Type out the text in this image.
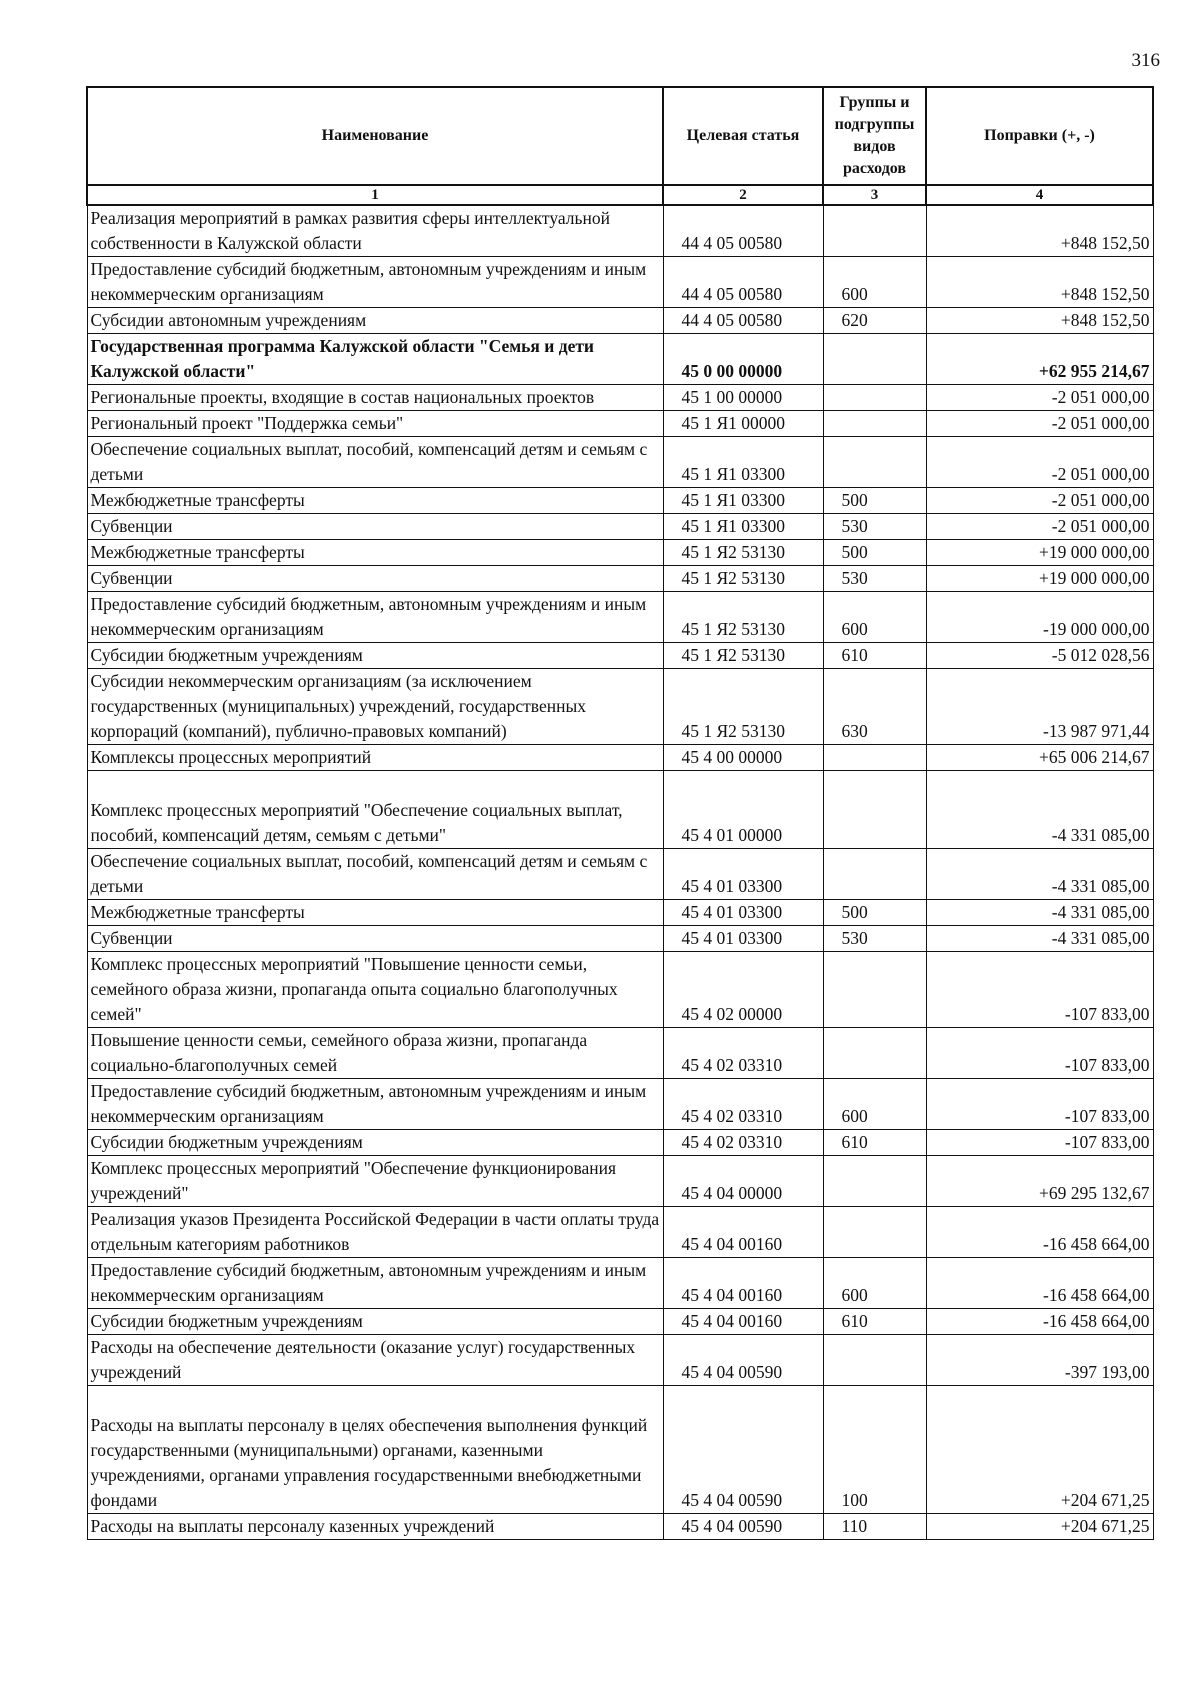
316
Наименование	Целевая статья	Группы и подгруппы видов расходов	Поправки (+, -)
1	2	3	4
Реализация мероприятий в рамках развития сферы интеллектуальной собственности в Калужской области	44 4 05 00580		+848 152,50
Предоставление субсидий бюджетным, автономным учреждениям и иным некоммерческим организациям	44 4 05 00580	600	+848 152,50
Субсидии автономным учреждениям	44 4 05 00580	620	+848 152,50
Государственная программа Калужской области "Семья и дети Калужской области"	45 0 00 00000		+62 955 214,67
Региональные проекты, входящие в состав национальных проектов	45 1 00 00000		-2 051 000,00
Региональный проект "Поддержка семьи"	45 1 Я1 00000		-2 051 000,00
Обеспечение социальных выплат, пособий, компенсаций детям и семьям с детьми	45 1 Я1 03300		-2 051 000,00
Межбюджетные трансферты	45 1 Я1 03300	500	-2 051 000,00
Субвенции	45 1 Я1 03300	530	-2 051 000,00
Межбюджетные трансферты	45 1 Я2 53130	500	+19 000 000,00
Субвенции	45 1 Я2 53130	530	+19 000 000,00
Предоставление субсидий бюджетным, автономным учреждениям и иным некоммерческим организациям	45 1 Я2 53130	600	-19 000 000,00
Субсидии бюджетным учреждениям	45 1 Я2 53130	610	-5 012 028,56
Субсидии некоммерческим организациям (за исключением государственных (муниципальных) учреждений, государственных корпораций (компаний), публично-правовых компаний)	45 1 Я2 53130	630	-13 987 971,44
Комплексы процессных мероприятий	45 4 00 00000		+65 006 214,67
Комплекс процессных мероприятий "Обеспечение социальных выплат, пособий, компенсаций детям, семьям с детьми"	45 4 01 00000		-4 331 085,00
Обеспечение социальных выплат, пособий, компенсаций детям и семьям с детьми	45 4 01 03300		-4 331 085,00
Межбюджетные трансферты	45 4 01 03300	500	-4 331 085,00
Субвенции	45 4 01 03300	530	-4 331 085,00
Комплекс процессных мероприятий "Повышение ценности семьи, семейного образа жизни, пропаганда опыта социально благополучных семей"	45 4 02 00000		-107 833,00
Повышение ценности семьи, семейного образа жизни, пропаганда социально-благополучных семей	45 4 02 03310		-107 833,00
Предоставление субсидий бюджетным, автономным учреждениям и иным некоммерческим организациям	45 4 02 03310	600	-107 833,00
Субсидии бюджетным учреждениям	45 4 02 03310	610	-107 833,00
Комплекс процессных мероприятий "Обеспечение функционирования учреждений"	45 4 04 00000		+69 295 132,67
Реализация указов Президента Российской Федерации в части оплаты труда отдельным категориям работников	45 4 04 00160		-16 458 664,00
Предоставление субсидий бюджетным, автономным учреждениям и иным некоммерческим организациям	45 4 04 00160	600	-16 458 664,00
Субсидии бюджетным учреждениям	45 4 04 00160	610	-16 458 664,00
Расходы на обеспечение деятельности (оказание услуг) государственных учреждений	45 4 04 00590		-397 193,00
Расходы на выплаты персоналу в целях обеспечения выполнения функций государственными (муниципальными) органами, казенными учреждениями, органами управления государственными внебюджетными фондами	45 4 04 00590	100	+204 671,25
Расходы на выплаты персоналу казенных учреждений	45 4 04 00590	110	+204 671,25
